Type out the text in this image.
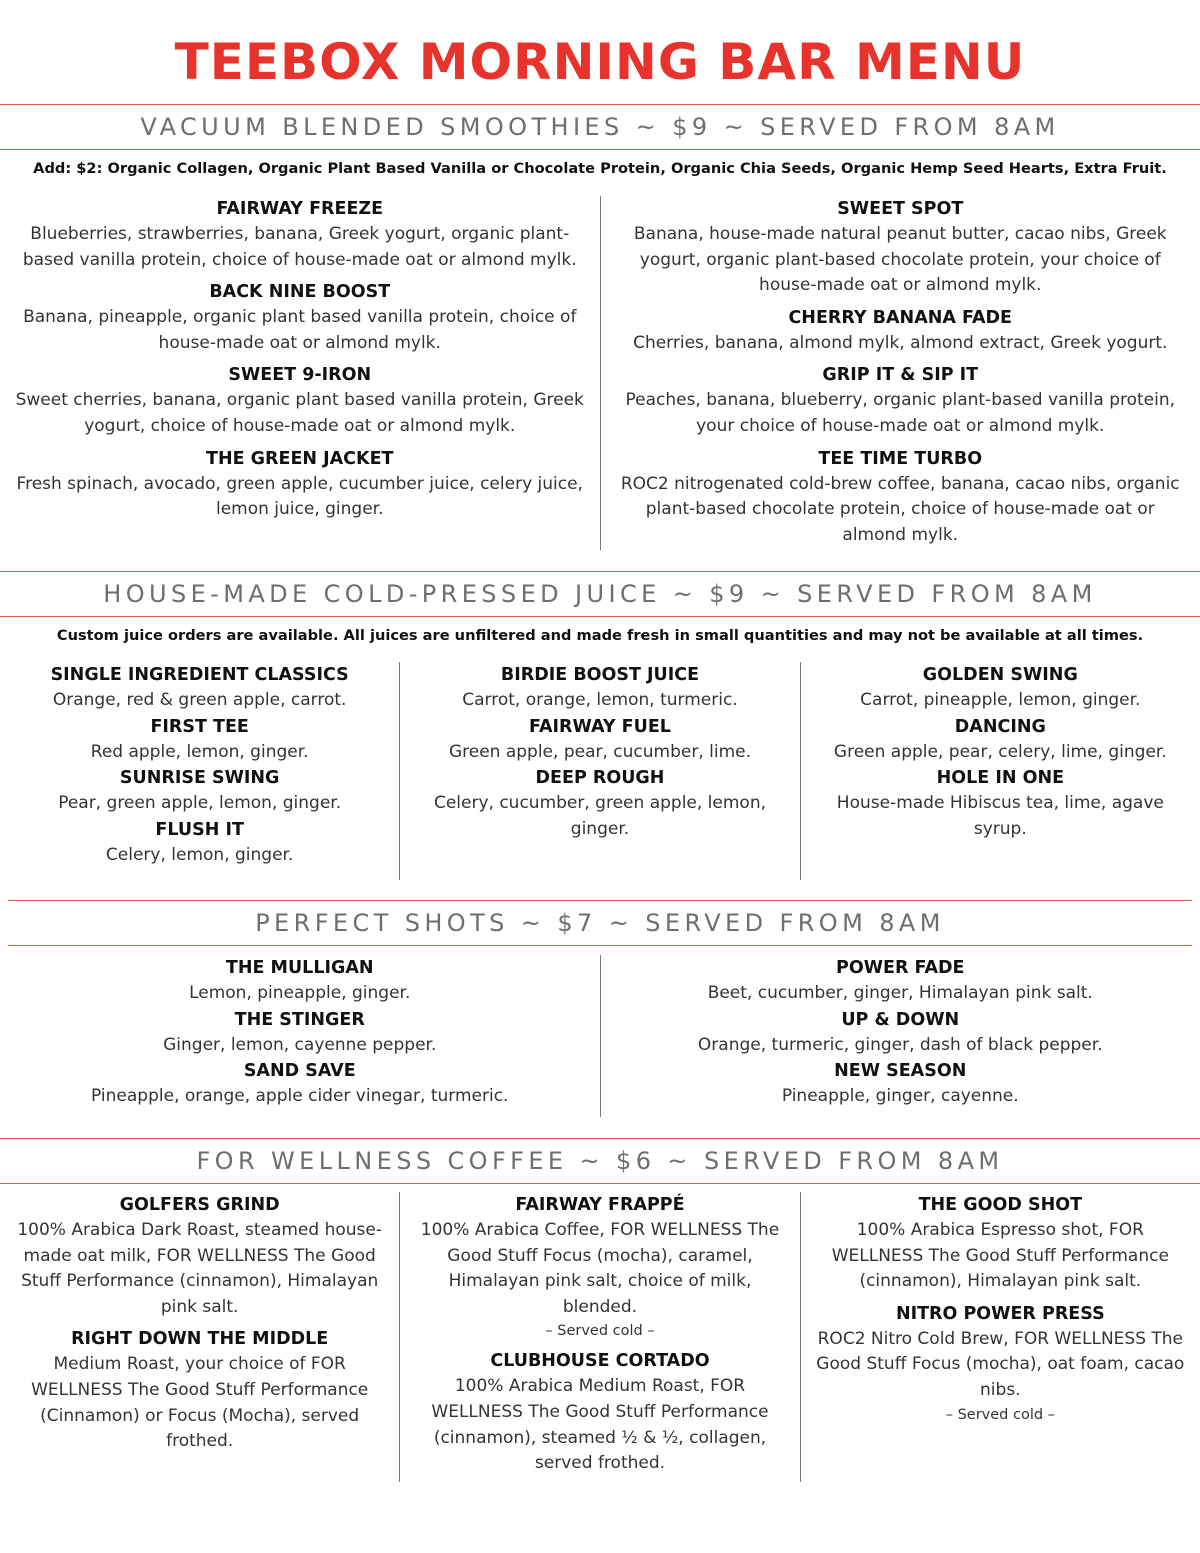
TEEBOX MORNING BAR MENU
VACUUM BLENDED SMOOTHIES ~ $9 ~ SERVED FROM 8AM
Add: $2: Organic Collagen, Organic Plant Based Vanilla or Chocolate Protein, Organic Chia Seeds, Organic Hemp Seed Hearts, Extra Fruit.
FAIRWAY FREEZE
Blueberries, strawberries, banana, Greek yogurt, organic plant-based vanilla protein, choice of house-made oat or almond mylk.
BACK NINE BOOST
Banana, pineapple, organic plant based vanilla protein, choice of house-made oat or almond mylk.
SWEET 9-IRON
Sweet cherries, banana, organic plant based vanilla protein, Greek yogurt, choice of house-made oat or almond mylk.
THE GREEN JACKET
Fresh spinach, avocado, green apple, cucumber juice, celery juice, lemon juice, ginger.
SWEET SPOT
Banana, house-made natural peanut butter, cacao nibs, Greek yogurt, organic plant-based chocolate protein, your choice of house-made oat or almond mylk.
CHERRY BANANA FADE
Cherries, banana, almond mylk, almond extract, Greek yogurt.
GRIP IT & SIP IT
Peaches, banana, blueberry, organic plant-based vanilla protein, your choice of house-made oat or almond mylk.
TEE TIME TURBO
ROC2 nitrogenated cold-brew coffee, banana, cacao nibs, organic plant-based chocolate protein, choice of house-made oat or almond mylk.
HOUSE-MADE COLD-PRESSED JUICE ~ $9 ~ SERVED FROM 8AM
Custom juice orders are available. All juices are unfiltered and made fresh in small quantities and may not be available at all times.
SINGLE INGREDIENT CLASSICS
Orange, red & green apple, carrot.
FIRST TEE
Red apple, lemon, ginger.
SUNRISE SWING
Pear, green apple, lemon, ginger.
FLUSH IT
Celery, lemon, ginger.
BIRDIE BOOST JUICE
Carrot, orange, lemon, turmeric.
FAIRWAY FUEL
Green apple, pear, cucumber, lime.
DEEP ROUGH
Celery, cucumber, green apple, lemon, ginger.
GOLDEN SWING
Carrot, pineapple, lemon, ginger.
DANCING
Green apple, pear, celery, lime, ginger.
HOLE IN ONE
House-made Hibiscus tea, lime, agave syrup.
PERFECT SHOTS ~ $7 ~ SERVED FROM 8AM
THE MULLIGAN
Lemon, pineapple, ginger.
THE STINGER
Ginger, lemon, cayenne pepper.
SAND SAVE
Pineapple, orange, apple cider vinegar, turmeric.
POWER FADE
Beet, cucumber, ginger, Himalayan pink salt.
UP & DOWN
Orange, turmeric, ginger, dash of black pepper.
NEW SEASON
Pineapple, ginger, cayenne.
FOR WELLNESS COFFEE ~ $6 ~ SERVED FROM 8AM
GOLFERS GRIND
100% Arabica Dark Roast, steamed house-made oat milk, FOR WELLNESS The Good Stuff Performance (cinnamon), Himalayan pink salt.
RIGHT DOWN THE MIDDLE
Medium Roast, your choice of FOR WELLNESS The Good Stuff Performance (Cinnamon) or Focus (Mocha), served frothed.
FAIRWAY FRAPPÉ
100% Arabica Coffee, FOR WELLNESS The Good Stuff Focus (mocha), caramel, Himalayan pink salt, choice of milk, blended.
– Served cold –
CLUBHOUSE CORTADO
100% Arabica Medium Roast, FOR WELLNESS The Good Stuff Performance (cinnamon), steamed ½ & ½, collagen, served frothed.
THE GOOD SHOT
100% Arabica Espresso shot, FOR WELLNESS The Good Stuff Performance (cinnamon), Himalayan pink salt.
NITRO POWER PRESS
ROC2 Nitro Cold Brew, FOR WELLNESS The Good Stuff Focus (mocha), oat foam, cacao nibs.
– Served cold –
